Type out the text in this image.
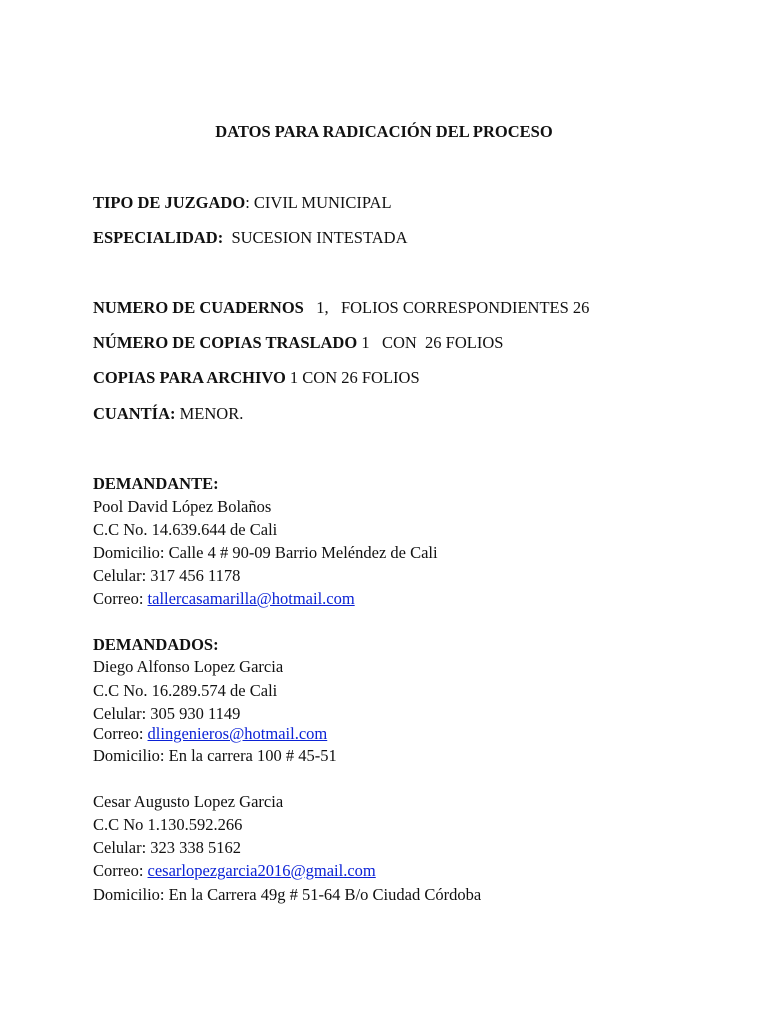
DATOS PARA RADICACIÓN DEL PROCESO
TIPO DE JUZGADO: CIVIL MUNICIPAL
ESPECIALIDAD:  SUCESION INTESTADA
NUMERO DE CUADERNOS   1,   FOLIOS CORRESPONDIENTES 26
NÚMERO DE COPIAS TRASLADO 1   CON  26 FOLIOS
COPIAS PARA ARCHIVO 1 CON 26 FOLIOS
CUANTÍA: MENOR.
DEMANDANTE:
Pool David López Bolaños
C.C No. 14.639.644 de Cali
Domicilio: Calle 4 # 90-09 Barrio Meléndez de Cali
Celular: 317 456 1178
Correo: tallercasamarilla@hotmail.com
DEMANDADOS:
Diego Alfonso Lopez Garcia
C.C No. 16.289.574 de Cali
Celular: 305 930 1149
Correo: dlingenieros@hotmail.com
Domicilio: En la carrera 100 # 45-51
Cesar Augusto Lopez Garcia
C.C No 1.130.592.266
Celular: 323 338 5162
Correo: cesarlopezgarcia2016@gmail.com
Domicilio: En la Carrera 49g # 51-64 B/o Ciudad Córdoba
